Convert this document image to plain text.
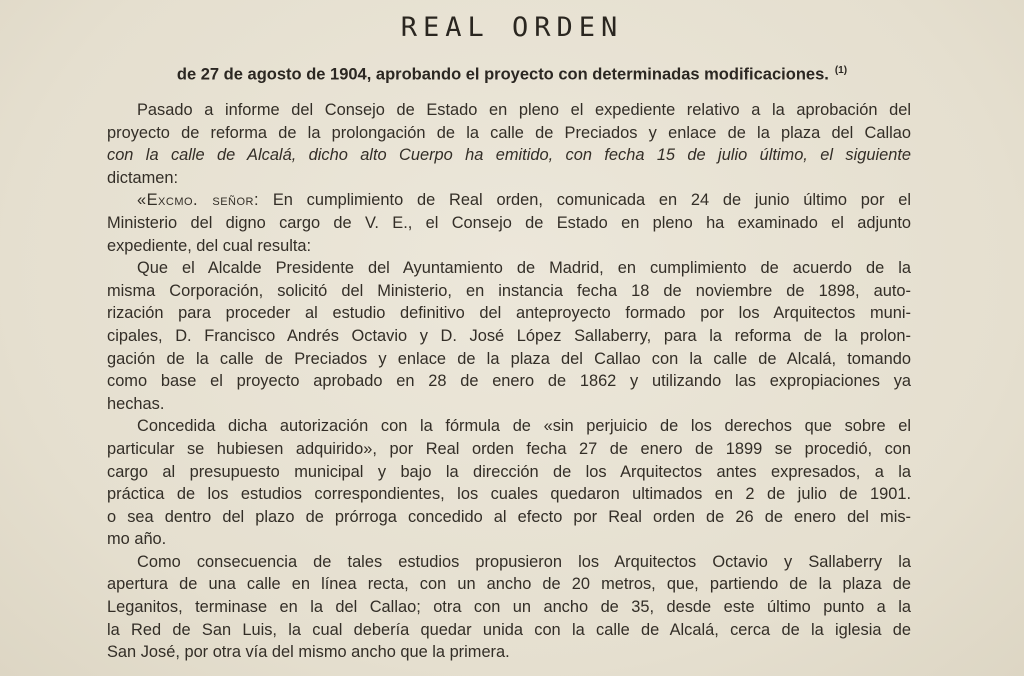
REAL ORDEN
de 27 de agosto de 1904, aprobando el proyecto con determinadas modificaciones. $^{(1)}$
Pasado a informe del Consejo de Estado en pleno el expediente relativo a la aprobación del
proyecto de reforma de la prolongación de la calle de Preciados y enlace de la plaza del Callao
con la calle de Alcalá, dicho alto Cuerpo ha emitido, con fecha 15 de julio último, el siguiente
dictamen:
«Excmo. señor: En cumplimiento de Real orden, comunicada en 24 de junio último por el
Ministerio del digno cargo de V. E., el Consejo de Estado en pleno ha examinado el adjunto
expediente, del cual resulta:
Que el Alcalde Presidente del Ayuntamiento de Madrid, en cumplimiento de acuerdo de la
misma Corporación, solicitó del Ministerio, en instancia fecha 18 de noviembre de 1898, auto-
rización para proceder al estudio definitivo del anteproyecto formado por los Arquitectos muni-
cipales, D. Francisco Andrés Octavio y D. José López Sallaberry, para la reforma de la prolon-
gación de la calle de Preciados y enlace de la plaza del Callao con la calle de Alcalá, tomando
como base el proyecto aprobado en 28 de enero de 1862 y utilizando las expropiaciones ya
hechas.
Concedida dicha autorización con la fórmula de «sin perjuicio de los derechos que sobre el
particular se hubiesen adquirido», por Real orden fecha 27 de enero de 1899 se procedió, con
cargo al presupuesto municipal y bajo la dirección de los Arquitectos antes expresados, a la
práctica de los estudios correspondientes, los cuales quedaron ultimados en 2 de julio de 1901.
o sea dentro del plazo de prórroga concedido al efecto por Real orden de 26 de enero del mis-
mo año.
Como consecuencia de tales estudios propusieron los Arquitectos Octavio y Sallaberry la
apertura de una calle en línea recta, con un ancho de 20 metros, que, partiendo de la plaza de
Leganitos, terminase en la del Callao; otra con un ancho de 35, desde este último punto a la
la Red de San Luis, la cual debería quedar unida con la calle de Alcalá, cerca de la iglesia de
San José, por otra vía del mismo ancho que la primera.
